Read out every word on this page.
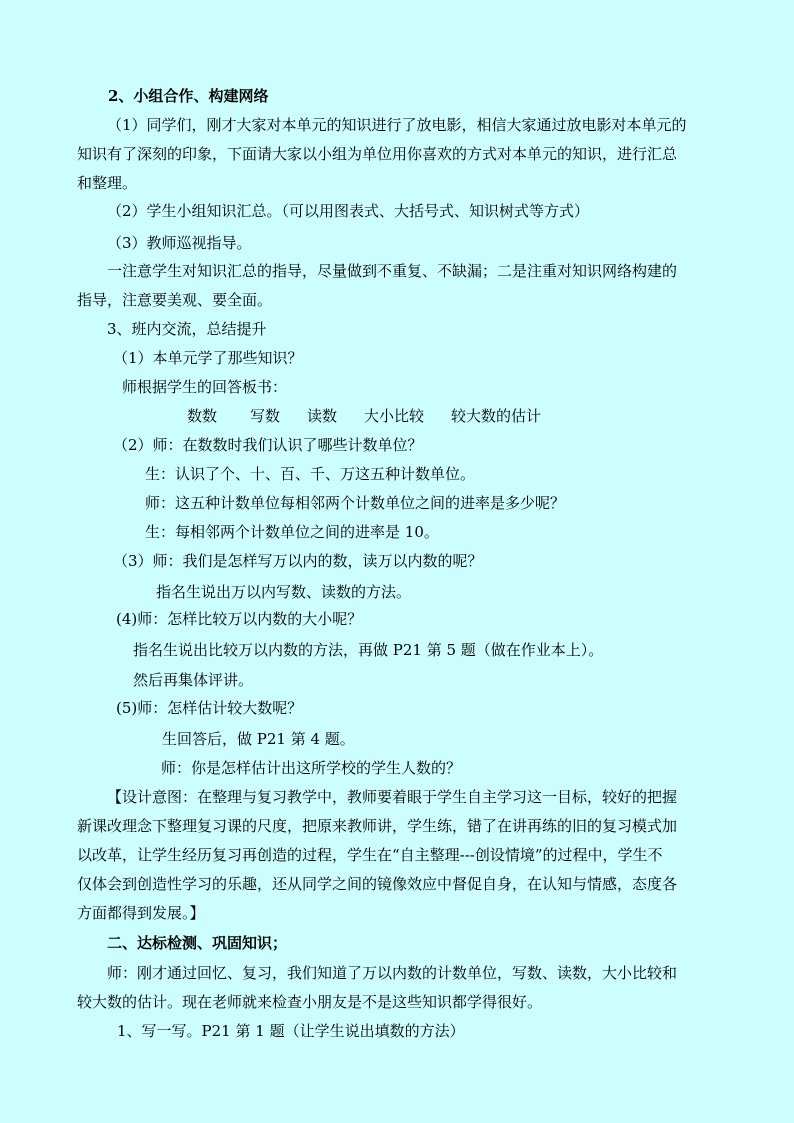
2、小组合作、构建网络
（1）同学们，刚才大家对本单元的知识进行了放电影，相信大家通过放电影对本单元的
知识有了深刻的印象，下面请大家以小组为单位用你喜欢的方式对本单元的知识，进行汇总
和整理。
（2）学生小组知识汇总。（可以用图表式、大括号式、知识树式等方式）
（3）教师巡视指导。
一注意学生对知识汇总的指导，尽量做到不重复、不缺漏；二是注重对知识网络构建的
指导，注意要美观、要全面。
3、班内交流，总结提升
（1）本单元学了那些知识？
师根据学生的回答板书：
数数 写数 读数 大小比较 较大数的估计
（2）师：在数数时我们认识了哪些计数单位？
生：认识了个、十、百、千、万这五种计数单位。
师：这五种计数单位每相邻两个计数单位之间的进率是多少呢？
生：每相邻两个计数单位之间的进率是 10。
（3）师：我们是怎样写万以内的数，读万以内数的呢？
指名生说出万以内写数、读数的方法。
(4)师：怎样比较万以内数的大小呢？
指名生说出比较万以内数的方法，再做 P21 第 5 题（做在作业本上）。
然后再集体评讲。
(5)师：怎样估计较大数呢？
生回答后，做 P21 第 4 题。
师：你是怎样估计出这所学校的学生人数的？
【设计意图：在整理与复习教学中，教师要着眼于学生自主学习这一目标，较好的把握
新课改理念下整理复习课的尺度，把原来教师讲，学生练，错了在讲再练的旧的复习模式加
以改革，让学生经历复习再创造的过程，学生在“自主整理---创设情境”的过程中，学生不
仅体会到创造性学习的乐趣，还从同学之间的镜像效应中督促自身，在认知与情感，态度各
方面都得到发展。】
二、达标检测、巩固知识；
师：刚才通过回忆、复习，我们知道了万以内数的计数单位，写数、读数，大小比较和
较大数的估计。现在老师就来检查小朋友是不是这些知识都学得很好。
1、写一写。P21 第 1 题（让学生说出填数的方法）
